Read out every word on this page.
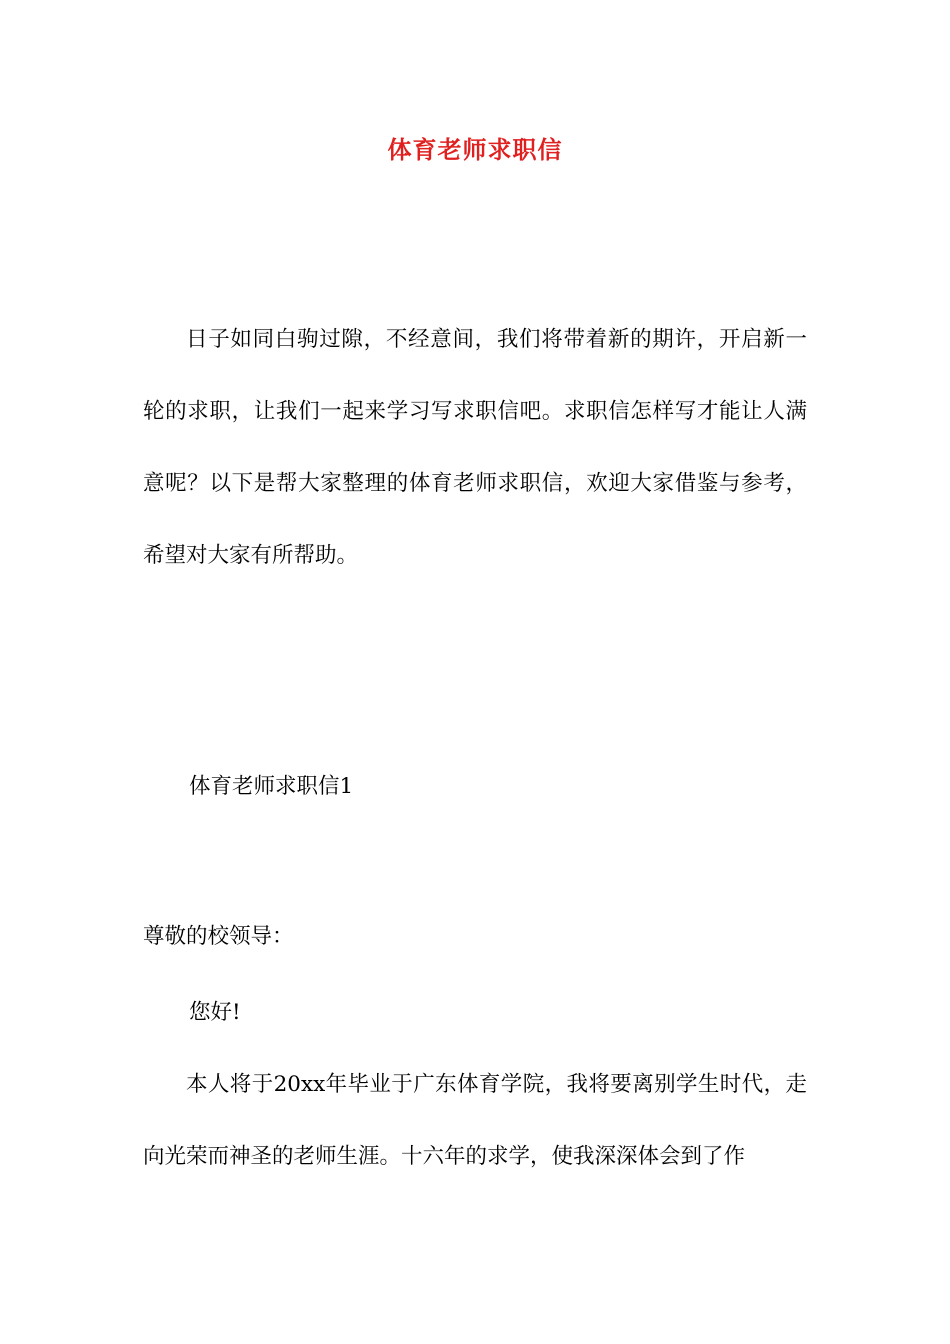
体育老师求职信

日子如同白驹过隙，不经意间，我们将带着新的期许，开启新一轮的求职，让我们一起来学习写求职信吧。求职信怎样写才能让人满意呢？以下是帮大家整理的体育老师求职信，欢迎大家借鉴与参考，希望对大家有所帮助。

体育老师求职信1

尊敬的校领导：

您好!

本人将于20xx年毕业于广东体育学院，我将要离别学生时代，走向光荣而神圣的老师生涯。十六年的求学，使我深深体会到了作
